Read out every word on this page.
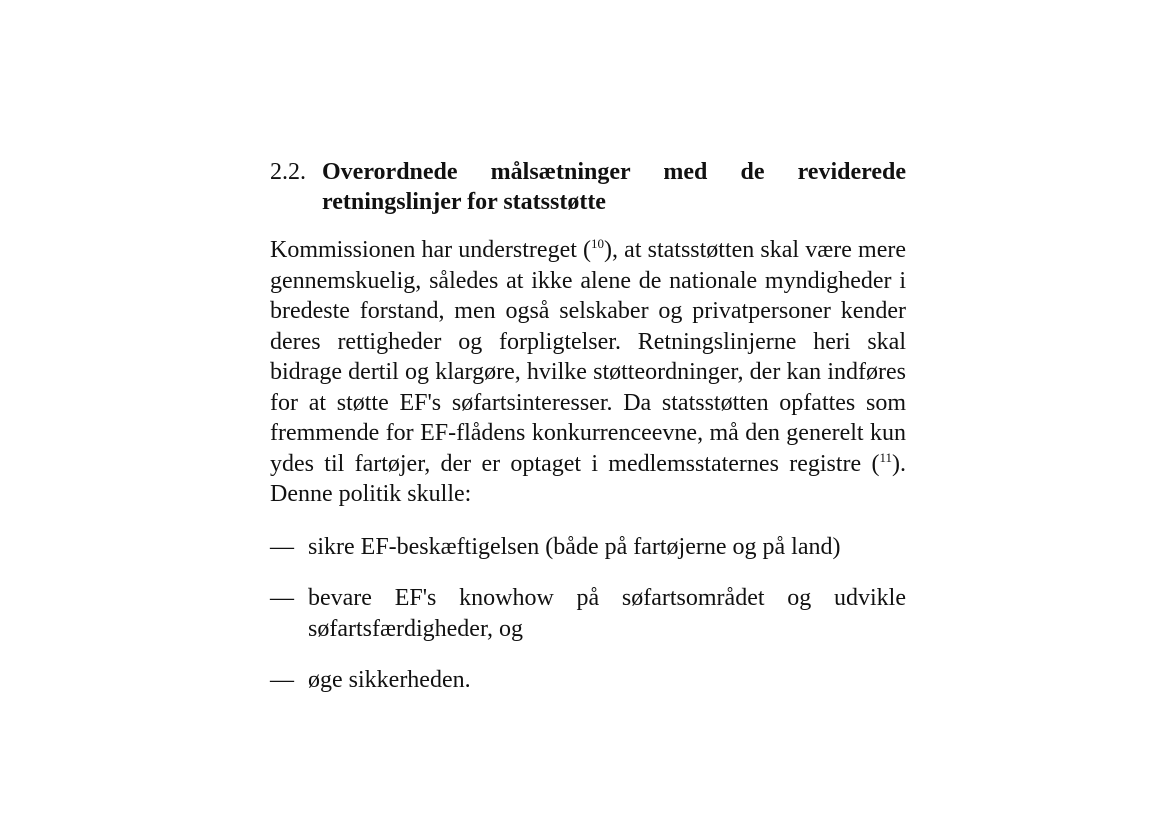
2.2. Overordnede målsætninger med de reviderede retningslinjer for statsstøtte

Kommissionen har understreget ($^{10}$), at statsstøtten skal være mere gennemskuelig, således at ikke alene de nationale myndigheder i bredeste forstand, men også selskaber og privatpersoner kender deres rettigheder og forpligtelser. Retningslinjerne heri skal bidrage dertil og klargøre, hvilke støtteordninger, der kan indføres for at støtte EF's søfartsinteresser. Da statsstøtten opfattes som fremmende for EF-flådens konkurrenceevne, må den generelt kun ydes til fartøjer, der er optaget i medlemsstaternes registre ($^{11}$). Denne politik skulle:

— sikre EF-beskæftigelsen (både på fartøjerne og på land)
— bevare EF's knowhow på søfartsområdet og udvikle søfartsfærdigheder, og
— øge sikkerheden.
